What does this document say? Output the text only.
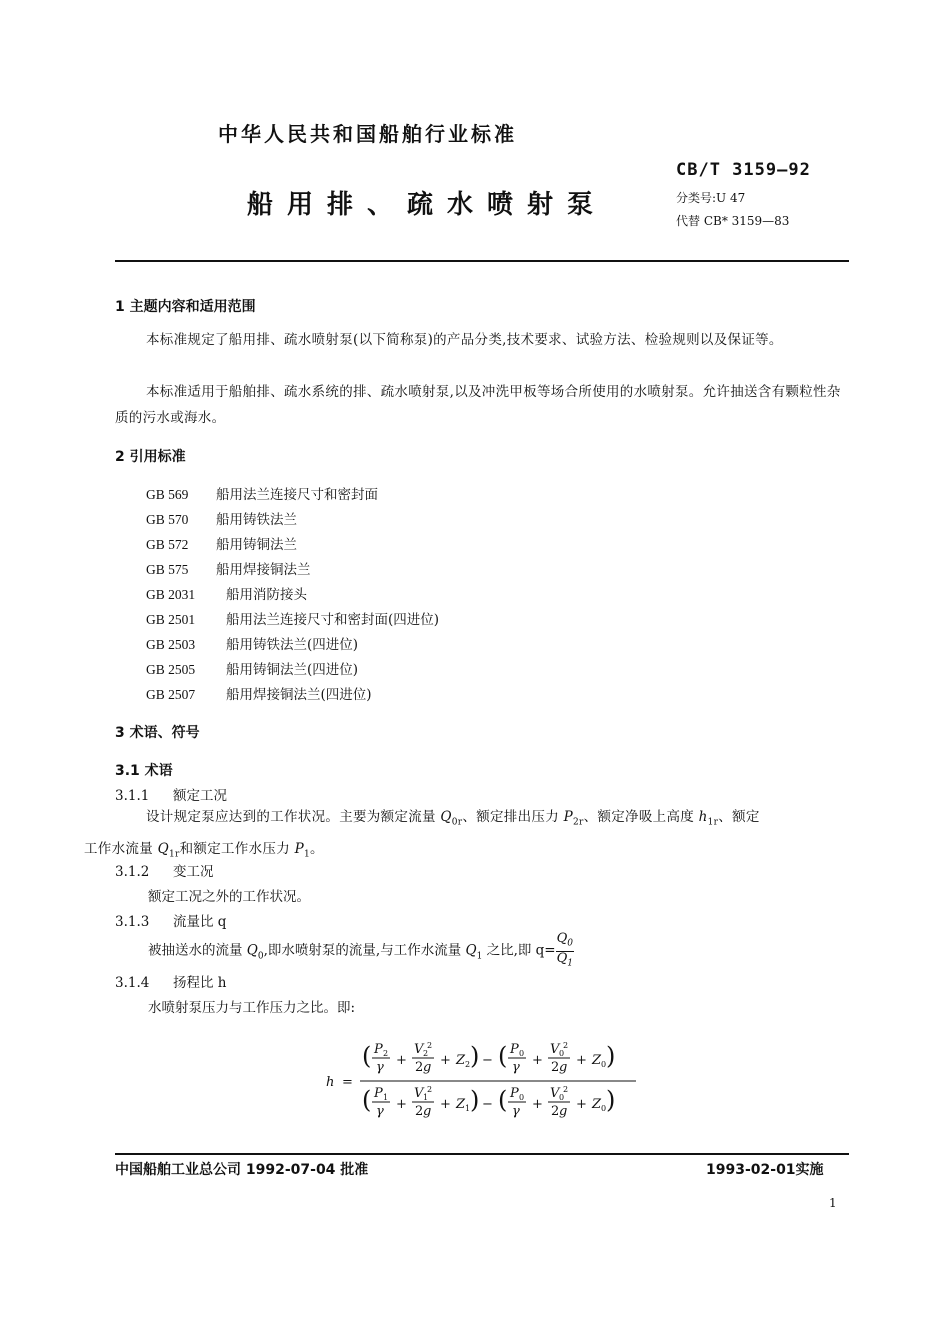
中华人民共和国船舶行业标准
船用排、疏水喷射泵
CB/T 3159—92
分类号:U 47
代替 CB* 3159—83
1 主题内容和适用范围
本标准规定了船用排、疏水喷射泵(以下简称泵)的产品分类,技术要求、试验方法、检验规则以及保证等。
本标准适用于船舶排、疏水系统的排、疏水喷射泵,以及冲洗甲板等场合所使用的水喷射泵。允许抽送含有颗粒性杂质的污水或海水。
2 引用标准
GB 569 船用法兰连接尺寸和密封面
GB 570 船用铸铁法兰
GB 572 船用铸铜法兰
GB 575 船用焊接铜法兰
GB 2031 船用消防接头
GB 2501 船用法兰连接尺寸和密封面(四进位)
GB 2503 船用铸铁法兰(四进位)
GB 2505 船用铸铜法兰(四进位)
GB 2507 船用焊接铜法兰(四进位)
3 术语、符号
3.1 术语
3.1.1 额定工况
设计规定泵应达到的工作状况。主要为额定流量 $Q_{0r}$、额定排出压力 $P_{2r}$、额定净吸上高度 $h_{1r}$、额定
工作水流量 $Q_{1r}$和额定工作水压力 $P_1$。
3.1.2 变工况
额定工况之外的工作状况。
3.1.3 流量比 q
被抽送水的流量 $Q_0$,即水喷射泵的流量,与工作水流量 $Q_1$ 之比,即 $q= \frac{Q_0}{Q_1}$
3.1.4 扬程比 h
水喷射泵压力与工作压力之比。即:
h =
( P 2
γ +
V 2
2
2 g + Z 2 ) − ( P 0
γ +
V 0
2
2 g + Z 0 )
( P 1
γ +
V 1
2
2 g + Z 1 ) − ( P 0
γ +
V 0
2
2 g + Z 0 )
中国船舶工业总公司 1992-07-04 批准	1993-02-01实施
1
